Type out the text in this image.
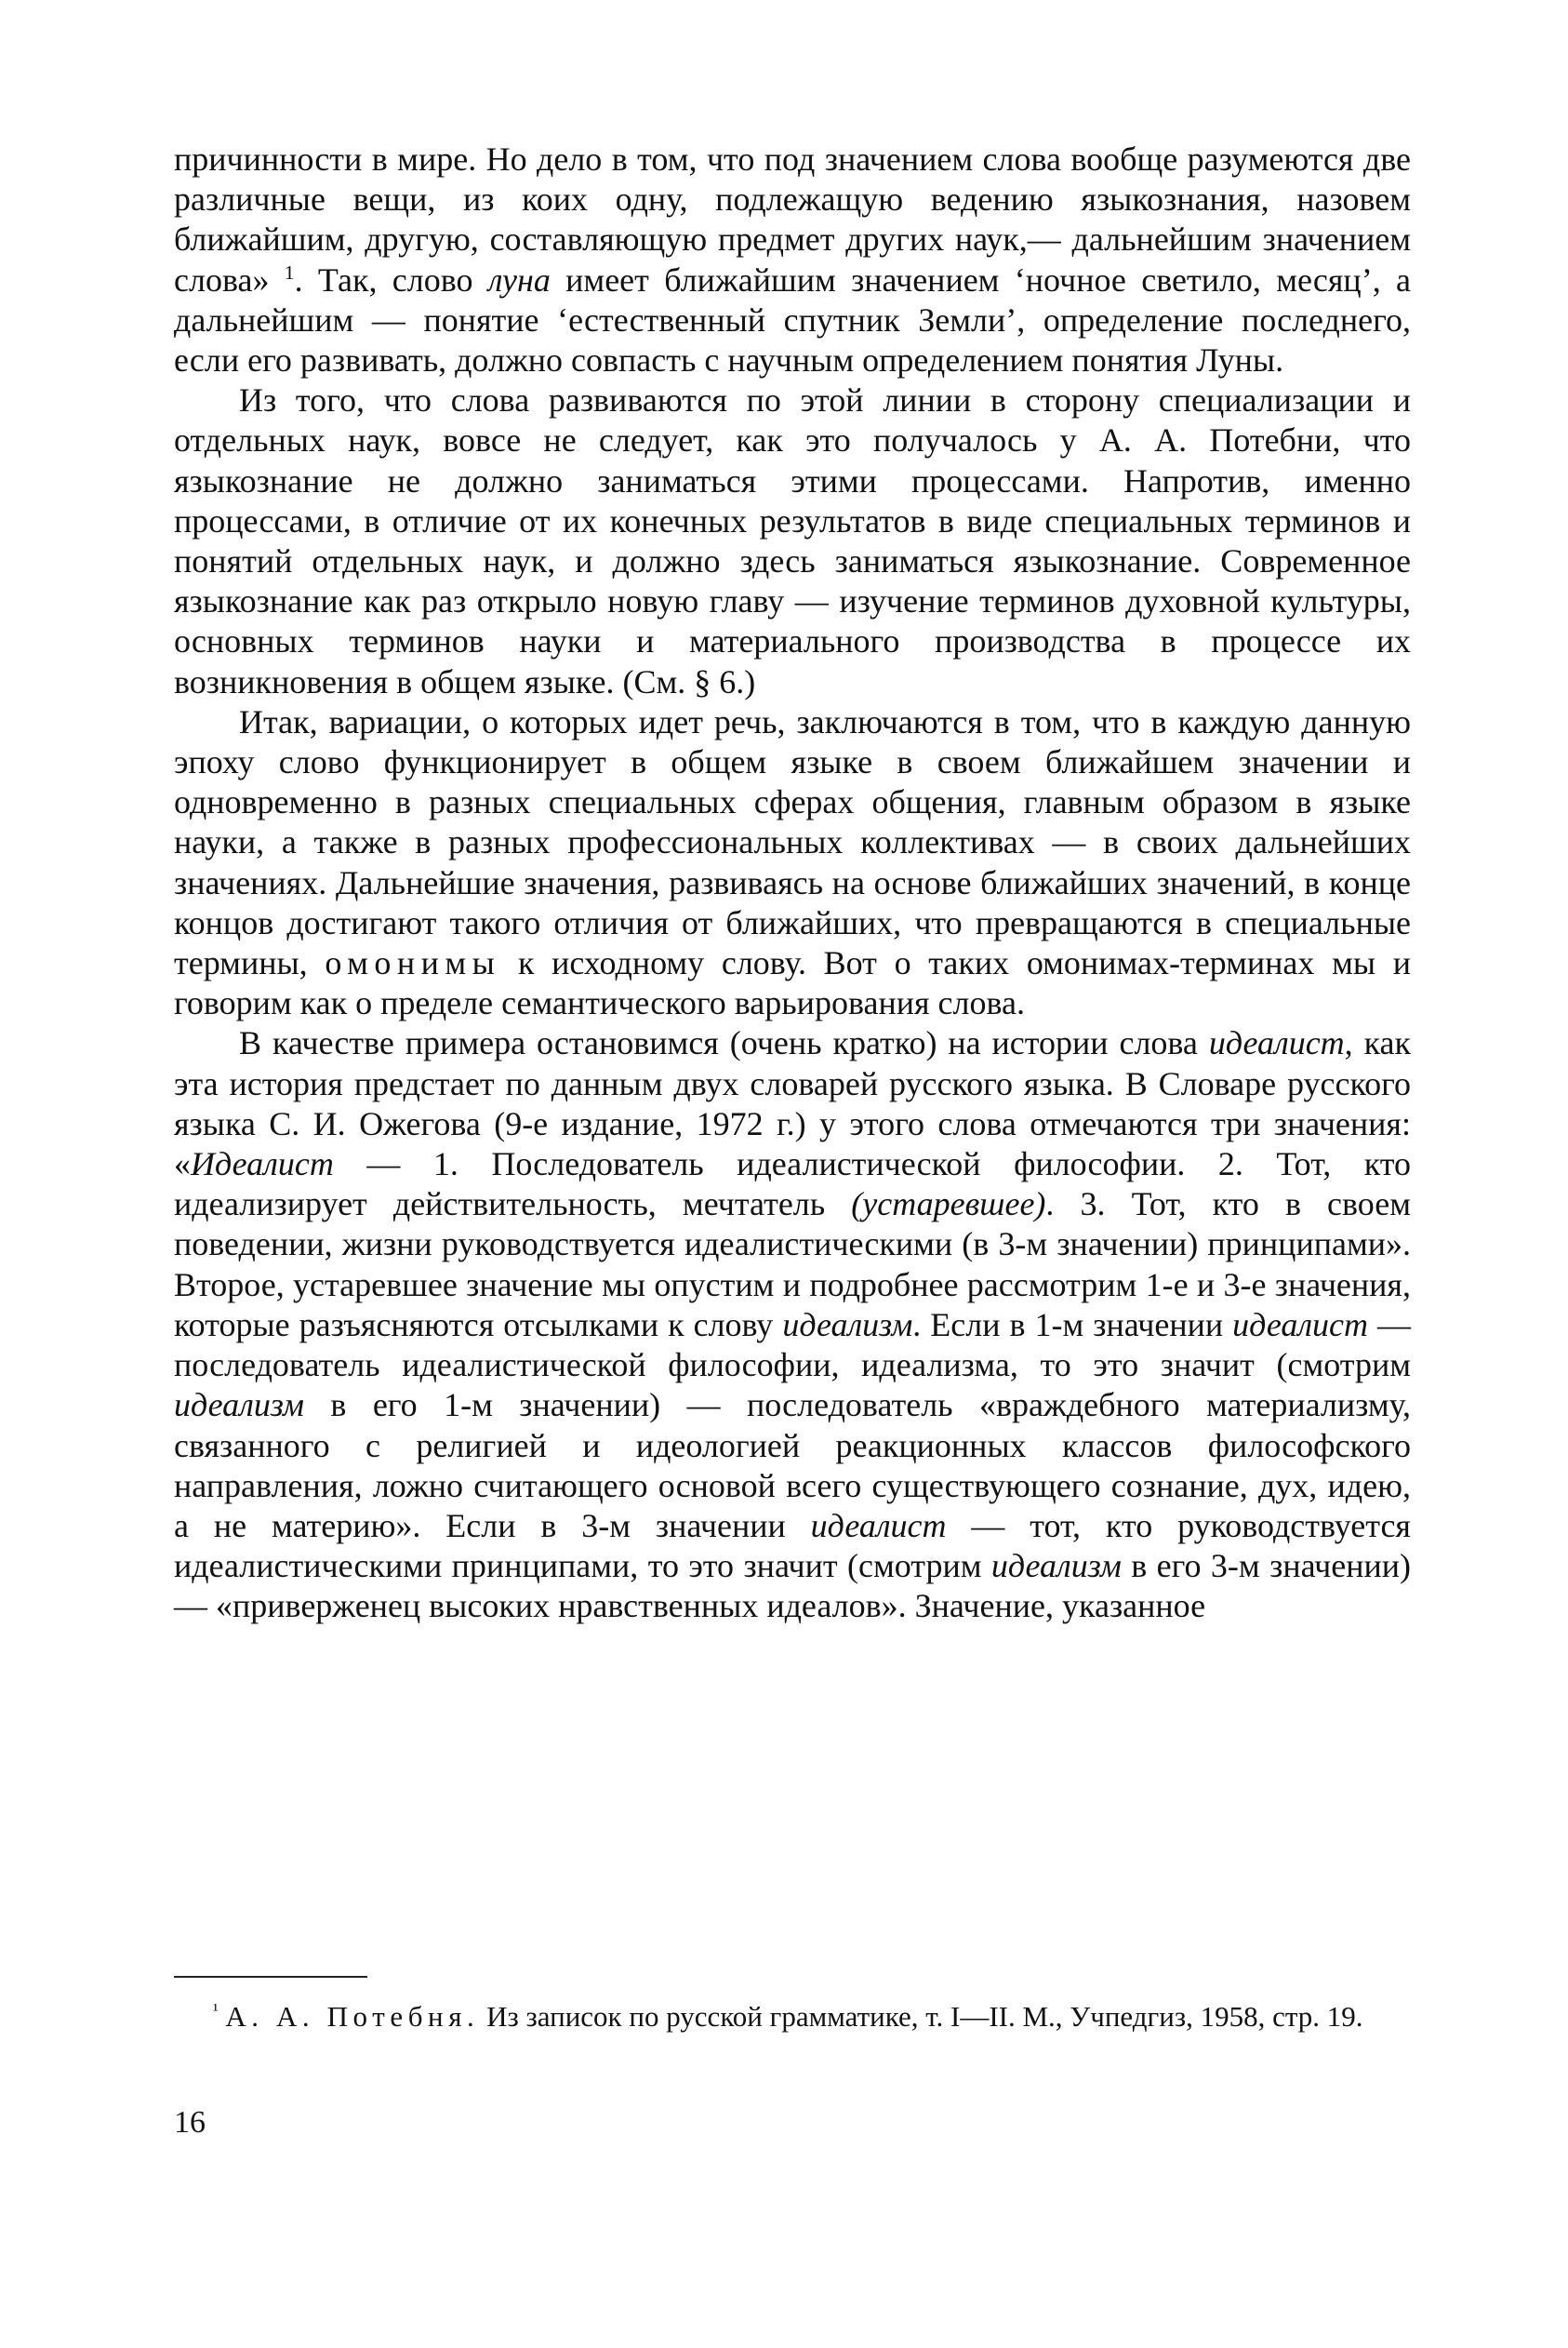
причинности в мире. Но дело в том, что под значением слова вообще разумеются две различные вещи, из коих одну, подлежащую ведению языкознания, назовем ближайшим, другую, составляющую предмет других наук,— дальнейшим значением слова» $^1$. Так, слово луна имеет ближайшим значением ‘ночное светило, месяц’, а дальнейшим — понятие ‘естественный спутник Земли’, определение последнего, если его развивать, должно совпасть с научным определением понятия Луны.

Из того, что слова развиваются по этой линии в сторону специализации и отдельных наук, вовсе не следует, как это получалось у А. А. Потебни, что языкознание не должно заниматься этими процессами. Напротив, именно процессами, в отличие от их конечных результатов в виде специальных терминов и понятий отдельных наук, и должно здесь заниматься языкознание. Современное языкознание как раз открыло новую главу — изучение терминов духовной культуры, основных терминов науки и материального производства в процессе их возникновения в общем языке. (См. § 6.)

Итак, вариации, о которых идет речь, заключаются в том, что в каждую данную эпоху слово функционирует в общем языке в своем ближайшем значении и одновременно в разных специальных сферах общения, главным образом в языке науки, а также в разных профессиональных коллективах — в своих дальнейших значениях. Дальнейшие значения, развиваясь на основе ближайших значений, в конце концов достигают такого отличия от ближайших, что превращаются в специальные термины, омонимы к исходному слову. Вот о таких омонимах-терминах мы и говорим как о пределе семантического варьирования слова.

В качестве примера остановимся (очень кратко) на истории слова идеалист, как эта история предстает по данным двух словарей русского языка. В Словаре русского языка С. И. Ожегова (9-е издание, 1972 г.) у этого слова отмечаются три значения: «Идеалист — 1. Последователь идеалистической философии. 2. Тот, кто идеализирует действительность, мечтатель (устаревшее). 3. Тот, кто в своем поведении, жизни руководствуется идеалистическими (в 3-м значении) принципами». Второе, устаревшее значение мы опустим и подробнее рассмотрим 1-е и 3-е значения, которые разъясняются отсылками к слову идеализм. Если в 1-м значении идеалист — последователь идеалистической философии, идеализма, то это значит (смотрим идеализм в его 1-м значении) — последователь «враждебного материализму, связанного с религией и идеологией реакционных классов философского направления, ложно считающего основой всего существующего сознание, дух, идею, а не материю». Если в 3-м значении идеалист — тот, кто руководствуется идеалистическими принципами, то это значит (смотрим идеализм в его 3-м значении) — «приверженец высоких нравственных идеалов». Значение, указанное

$^{^1}$ А. А. Потебня. Из записок по русской грамматике, т. I—II. М., Учпедгиз, 1958, стр. 19.

16
